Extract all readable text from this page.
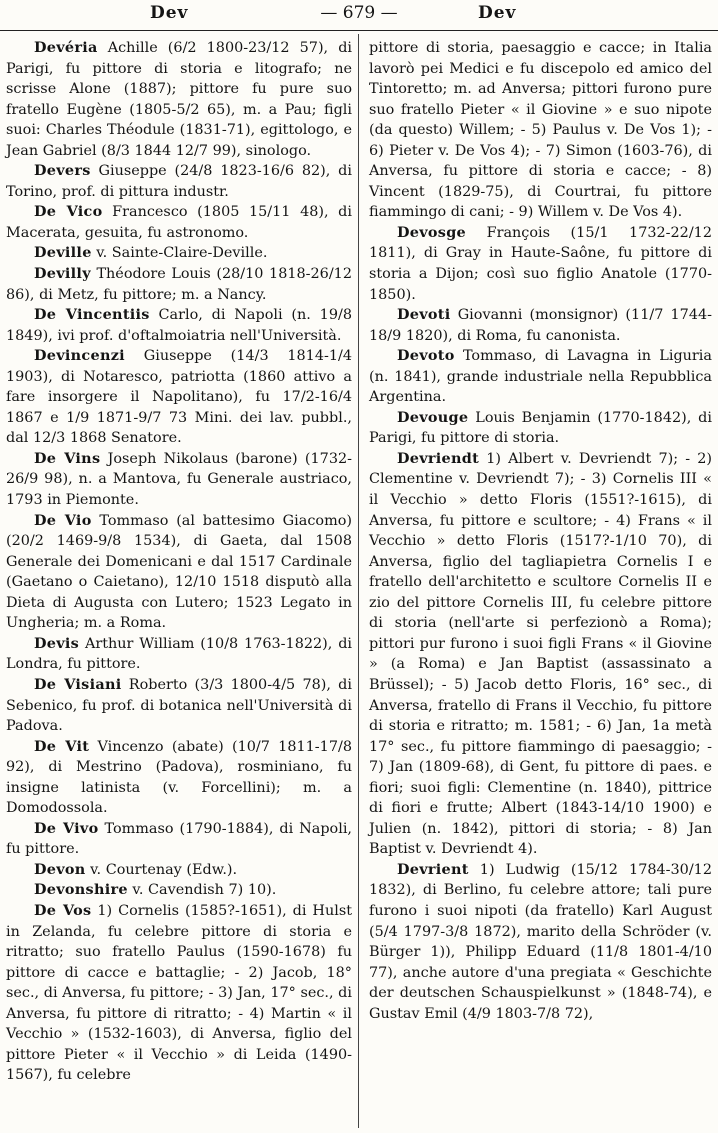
Dev	— 679 —	Dev

Devéria Achille (6/2 1800-23/12 57), di Parigi, fu pittore di storia e litografo; ne scrisse Alone (1887); pittore fu pure suo fratello Eugène (1805-5/2 65), m. a Pau; figli suoi: Charles Théodule (1831-71), egittologo, e Jean Gabriel (8/3 1844 12/7 99), sinologo.

Devers Giuseppe (24/8 1823-16/6 82), di Torino, prof. di pittura industr.

De Vico Francesco (1805 15/11 48), di Macerata, gesuita, fu astronomo.

Deville v. Sainte-Claire-Deville.

Devilly Théodore Louis (28/10 1818-26/12 86), di Metz, fu pittore; m. a Nancy.

De Vincentiis Carlo, di Napoli (n. 19/8 1849), ivi prof. d'oftalmoiatria nell'Università.

Devincenzi Giuseppe (14/3 1814-1/4 1903), di Notaresco, patriotta (1860 attivo a fare insorgere il Napolitano), fu 17/2-16/4 1867 e 1/9 1871-9/7 73 Mini. dei lav. pubbl., dal 12/3 1868 Senatore.

De Vins Joseph Nikolaus (barone) (1732-26/9 98), n. a Mantova, fu Generale austriaco, 1793 in Piemonte.

De Vio Tommaso (al battesimo Giacomo) (20/2 1469-9/8 1534), di Gaeta, dal 1508 Generale dei Domenicani e dal 1517 Cardinale (Gaetano o Caietano), 12/10 1518 disputò alla Dieta di Augusta con Lutero; 1523 Legato in Ungheria; m. a Roma.

Devis Arthur William (10/8 1763-1822), di Londra, fu pittore.

De Visiani Roberto (3/3 1800-4/5 78), di Sebenico, fu prof. di botanica nell'Università di Padova.

De Vit Vincenzo (abate) (10/7 1811-17/8 92), di Mestrino (Padova), rosminiano, fu insigne latinista (v. Forcellini); m. a Domodossola.

De Vivo Tommaso (1790-1884), di Napoli, fu pittore.

Devon v. Courtenay (Edw.).

Devonshire v. Cavendish 7) 10).

De Vos 1) Cornelis (1585?-1651), di Hulst in Zelanda, fu celebre pittore di storia e ritratto; suo fratello Paulus (1590-1678) fu pittore di cacce e battaglie; - 2) Jacob, 18° sec., di Anversa, fu pittore; - 3) Jan, 17° sec., di Anversa, fu pittore di ritratto; - 4) Martin « il Vecchio » (1532-1603), di Anversa, figlio del pittore Pieter « il Vecchio » di Leida (1490-1567), fu celebre

pittore di storia, paesaggio e cacce; in Italia lavorò pei Medici e fu discepolo ed amico del Tintoretto; m. ad Anversa; pittori furono pure suo fratello Pieter « il Giovine » e suo nipote (da questo) Willem; - 5) Paulus v. De Vos 1); - 6) Pieter v. De Vos 4); - 7) Simon (1603-76), di Anversa, fu pittore di storia e cacce; - 8) Vincent (1829-75), di Courtrai, fu pittore fiammingo di cani; - 9) Willem v. De Vos 4).

Devosge François (15/1 1732-22/12 1811), di Gray in Haute-Saône, fu pittore di storia a Dijon; così suo figlio Anatole (1770-1850).

Devoti Giovanni (monsignor) (11/7 1744-18/9 1820), di Roma, fu canonista.

Devoto Tommaso, di Lavagna in Liguria (n. 1841), grande industriale nella Repubblica Argentina.

Devouge Louis Benjamin (1770-1842), di Parigi, fu pittore di storia.

Devriendt 1) Albert v. Devriendt 7); - 2) Clementine v. Devriendt 7); - 3) Cornelis III « il Vecchio » detto Floris (1551?-1615), di Anversa, fu pittore e scultore; - 4) Frans « il Vecchio » detto Floris (1517?-1/10 70), di Anversa, figlio del tagliapietra Cornelis I e fratello dell'architetto e scultore Cornelis II e zio del pittore Cornelis III, fu celebre pittore di storia (nell'arte si perfezionò a Roma); pittori pur furono i suoi figli Frans « il Giovine » (a Roma) e Jan Baptist (assassinato a Brüssel); - 5) Jacob detto Floris, 16° sec., di Anversa, fratello di Frans il Vecchio, fu pittore di storia e ritratto; m. 1581; - 6) Jan, 1a metà 17° sec., fu pittore fiammingo di paesaggio; - 7) Jan (1809-68), di Gent, fu pittore di paes. e fiori; suoi figli: Clementine (n. 1840), pittrice di fiori e frutte; Albert (1843-14/10 1900) e Julien (n. 1842), pittori di storia; - 8) Jan Baptist v. Devriendt 4).

Devrient 1) Ludwig (15/12 1784-30/12 1832), di Berlino, fu celebre attore; tali pure furono i suoi nipoti (da fratello) Karl August (5/4 1797-3/8 1872), marito della Schröder (v. Bürger 1)), Philipp Eduard (11/8 1801-4/10 77), anche autore d'una pregiata « Geschichte der deutschen Schauspielkunst » (1848-74), e Gustav Emil (4/9 1803-7/8 72),
